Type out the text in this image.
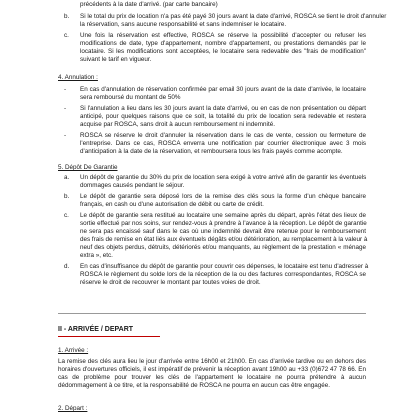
précédents à la date d'arrivé. (par carte bancaire)
b. Si le total du prix de location n'a pas été payé 30 jours avant la date d'arrivé, ROSCA se tient le droit d'annuler
la réservation, sans aucune responsabilité et sans indemniser le locataire.
c. Une fois la réservation est effective, ROSCA se réserve la possibilité d'accepter ou refuser les
modifications de date, type d'appartement, nombre d'appartement, ou prestations demandés par le
locataire. Si les modifications sont acceptées, le locataire sera redevable des "frais de modification"
suivant le tarif en vigueur.
4. Annulation :
- En cas d'annulation de réservation confirmée par email 30 jours avant de la date d'arrivée, le locataire
sera remboursé du montant de 50%
- Si l'annulation a lieu dans les 30 jours avant la date d'arrivé, ou en cas de non présentation ou départ
anticipé, pour quelques raisons que ce soit, la totalité du prix de location sera redevable et restera
acquise par ROSCA, sans droit à aucun remboursement ni indemnité.
- ROSCA se réserve le droit d'annuler la réservation dans le cas de vente, cession ou fermeture de
l'entreprise. Dans ce cas, ROSCA enverra une notification par courrier électronique avec 3 mois
d'anticipation à la date de la réservation, et remboursera tous les frais payés comme acompte.
5. Dépôt De Garantie
a. Un dépôt de garantie du 30% du prix de location sera exigé à votre arrivé afin de garantir les éventuels
dommages causés pendant le séjour.
b. Le dépôt de garantie sera déposé lors de la remise des clés sous la forme d'un chèque bancaire
français, en cash ou d'une autorisation de débit ou carte de crédit.
c. Le dépôt de garantie sera restitué au locataire une semaine après du départ, après l'état des lieux de
sortie effectué par nos soins, sur rendez-vous à prendre à l'avance à la réception. Le dépôt de garantie
ne sera pas encaissé sauf dans le cas où une indemnité devrait être retenue pour le remboursement
des frais de remise en état liés aux éventuels dégâts et/ou détérioration, au remplacement à la valeur à
neuf des objets perdus, détruits, détériorés et/ou manquants, au règlement de la prestation « ménage
extra », etc.
d. En cas d'insuffisance du dépôt de garantie pour couvrir ces dépenses, le locataire est tenu d'adresser à
ROSCA le règlement du solde lors de la réception de la ou des factures correspondantes, ROSCA se
réserve le droit de recouvrer le montant par toutes voies de droit.
II - ARRIVÉE / DEPART
1. Arrivée :
La remise des clés aura lieu le jour d'arrivée entre 16h00 et 21h00. En cas d'arrivée tardive ou en dehors des
horaires d'ouvertures officiels, il est impératif de prévenir la réception avant 19h00 au +33 (0)672 47 78 66. En
cas de problème pour trouver les clés de l'appartement le locataire ne pourra prétendre à aucun
dédommagement à ce titre, et la responsabilité de ROSCA ne pourra en aucun cas être engagée.
2. Départ :
